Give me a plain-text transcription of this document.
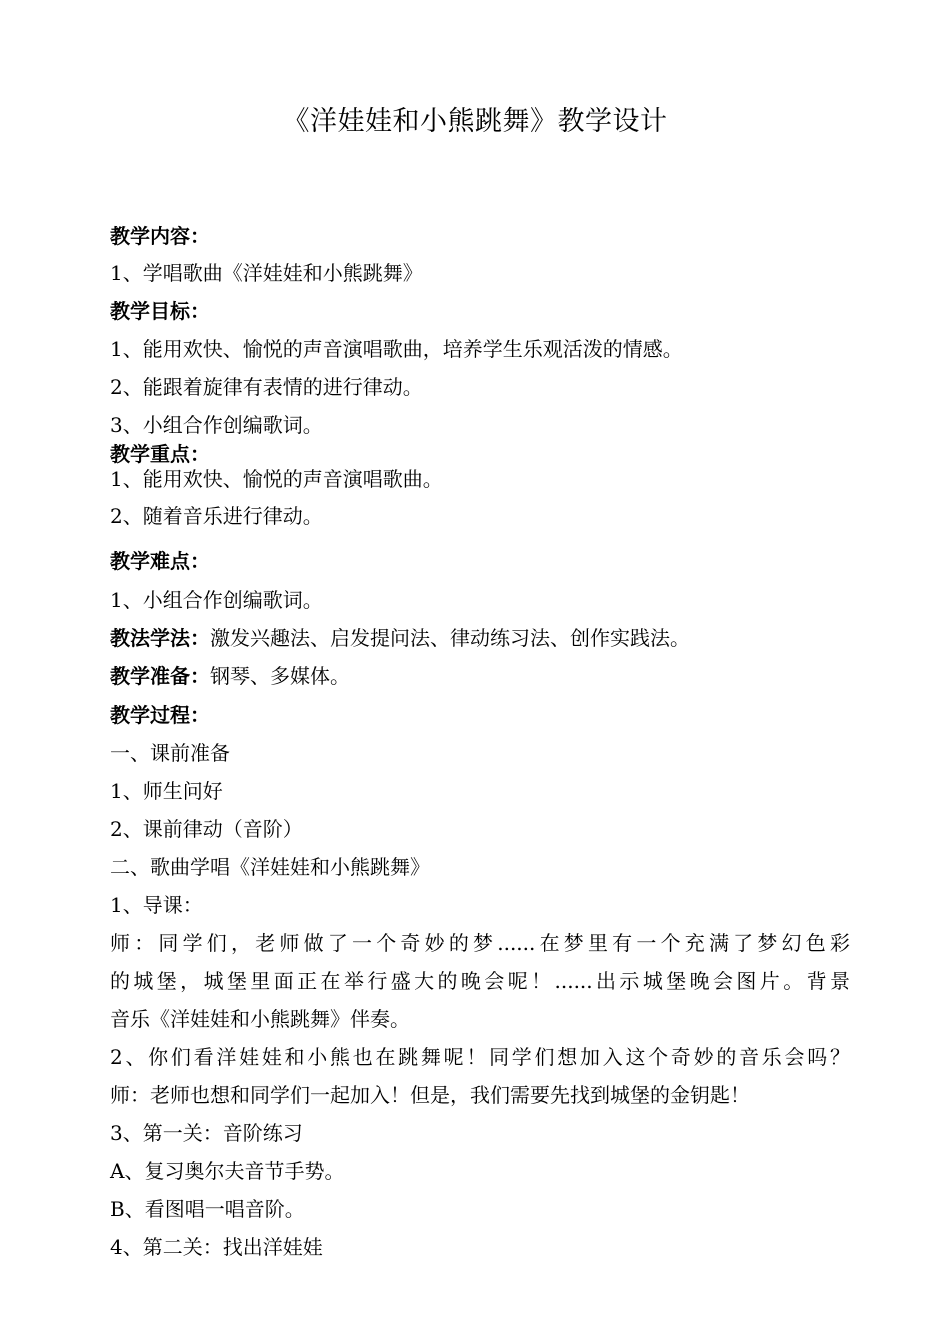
《洋娃娃和小熊跳舞》教学设计
教学内容：
1、学唱歌曲《洋娃娃和小熊跳舞》
教学目标：
1、能用欢快、愉悦的声音演唱歌曲，培养学生乐观活泼的情感。
2、能跟着旋律有表情的进行律动。
3、小组合作创编歌词。
教学重点：
1、能用欢快、愉悦的声音演唱歌曲。
2、随着音乐进行律动。
教学难点：
1、小组合作创编歌词。
教法学法：激发兴趣法、启发提问法、律动练习法、创作实践法。
教学准备：钢琴、多媒体。
教学过程：
一、课前准备
1、师生问好
2、课前律动（音阶）
二、歌曲学唱《洋娃娃和小熊跳舞》
1、导课：
师：同学们，老师做了一个奇妙的梦......在梦里有一个充满了梦幻色彩
的城堡，城堡里面正在举行盛大的晚会呢！......出示城堡晚会图片。背景
音乐《洋娃娃和小熊跳舞》伴奏。
2、你们看洋娃娃和小熊也在跳舞呢！同学们想加入这个奇妙的音乐会吗？
师：老师也想和同学们一起加入！但是，我们需要先找到城堡的金钥匙！
3、第一关：音阶练习
A、复习奥尔夫音节手势。
B、看图唱一唱音阶。
4、第二关：找出洋娃娃
